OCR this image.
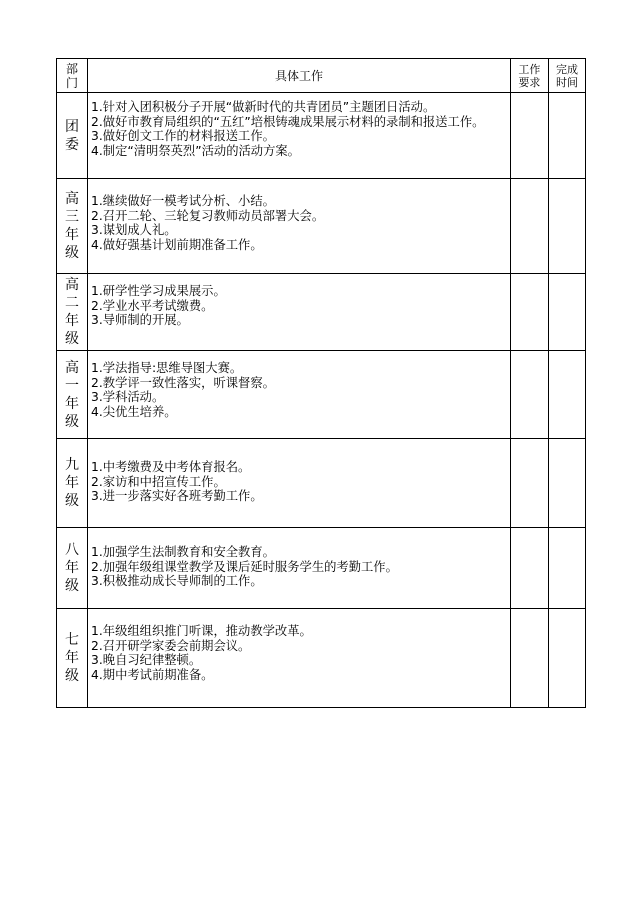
部门	具体工作	工作要求	完成时间

团委	1.针对入团积极分子开展“做新时代的共青团员”主题团日活动。
2.做好市教育局组织的“五红”培根铸魂成果展示材料的录制和报送工作。
3.做好创文工作的材料报送工作。
4.制定“清明祭英烈”活动的活动方案。		

高三年级	1.继续做好一模考试分析、小结。
2.召开二轮、三轮复习教师动员部署大会。
3.谋划成人礼。
4.做好强基计划前期准备工作。		

高二年级	1.研学性学习成果展示。
2.学业水平考试缴费。
3.导师制的开展。		

高一年级	1.学法指导:思维导图大赛。
2.教学评一致性落实，听课督察。
3.学科活动。
4.尖优生培养。		

九年级	1.中考缴费及中考体育报名。
2.家访和中招宣传工作。
3.进一步落实好各班考勤工作。		

八年级	1.加强学生法制教育和安全教育。
2.加强年级组课堂教学及课后延时服务学生的考勤工作。
3.积极推动成长导师制的工作。		

七年级	1.年级组组织推门听课，推动教学改革。
2.召开研学家委会前期会议。
3.晚自习纪律整顿。
4.期中考试前期准备。		
